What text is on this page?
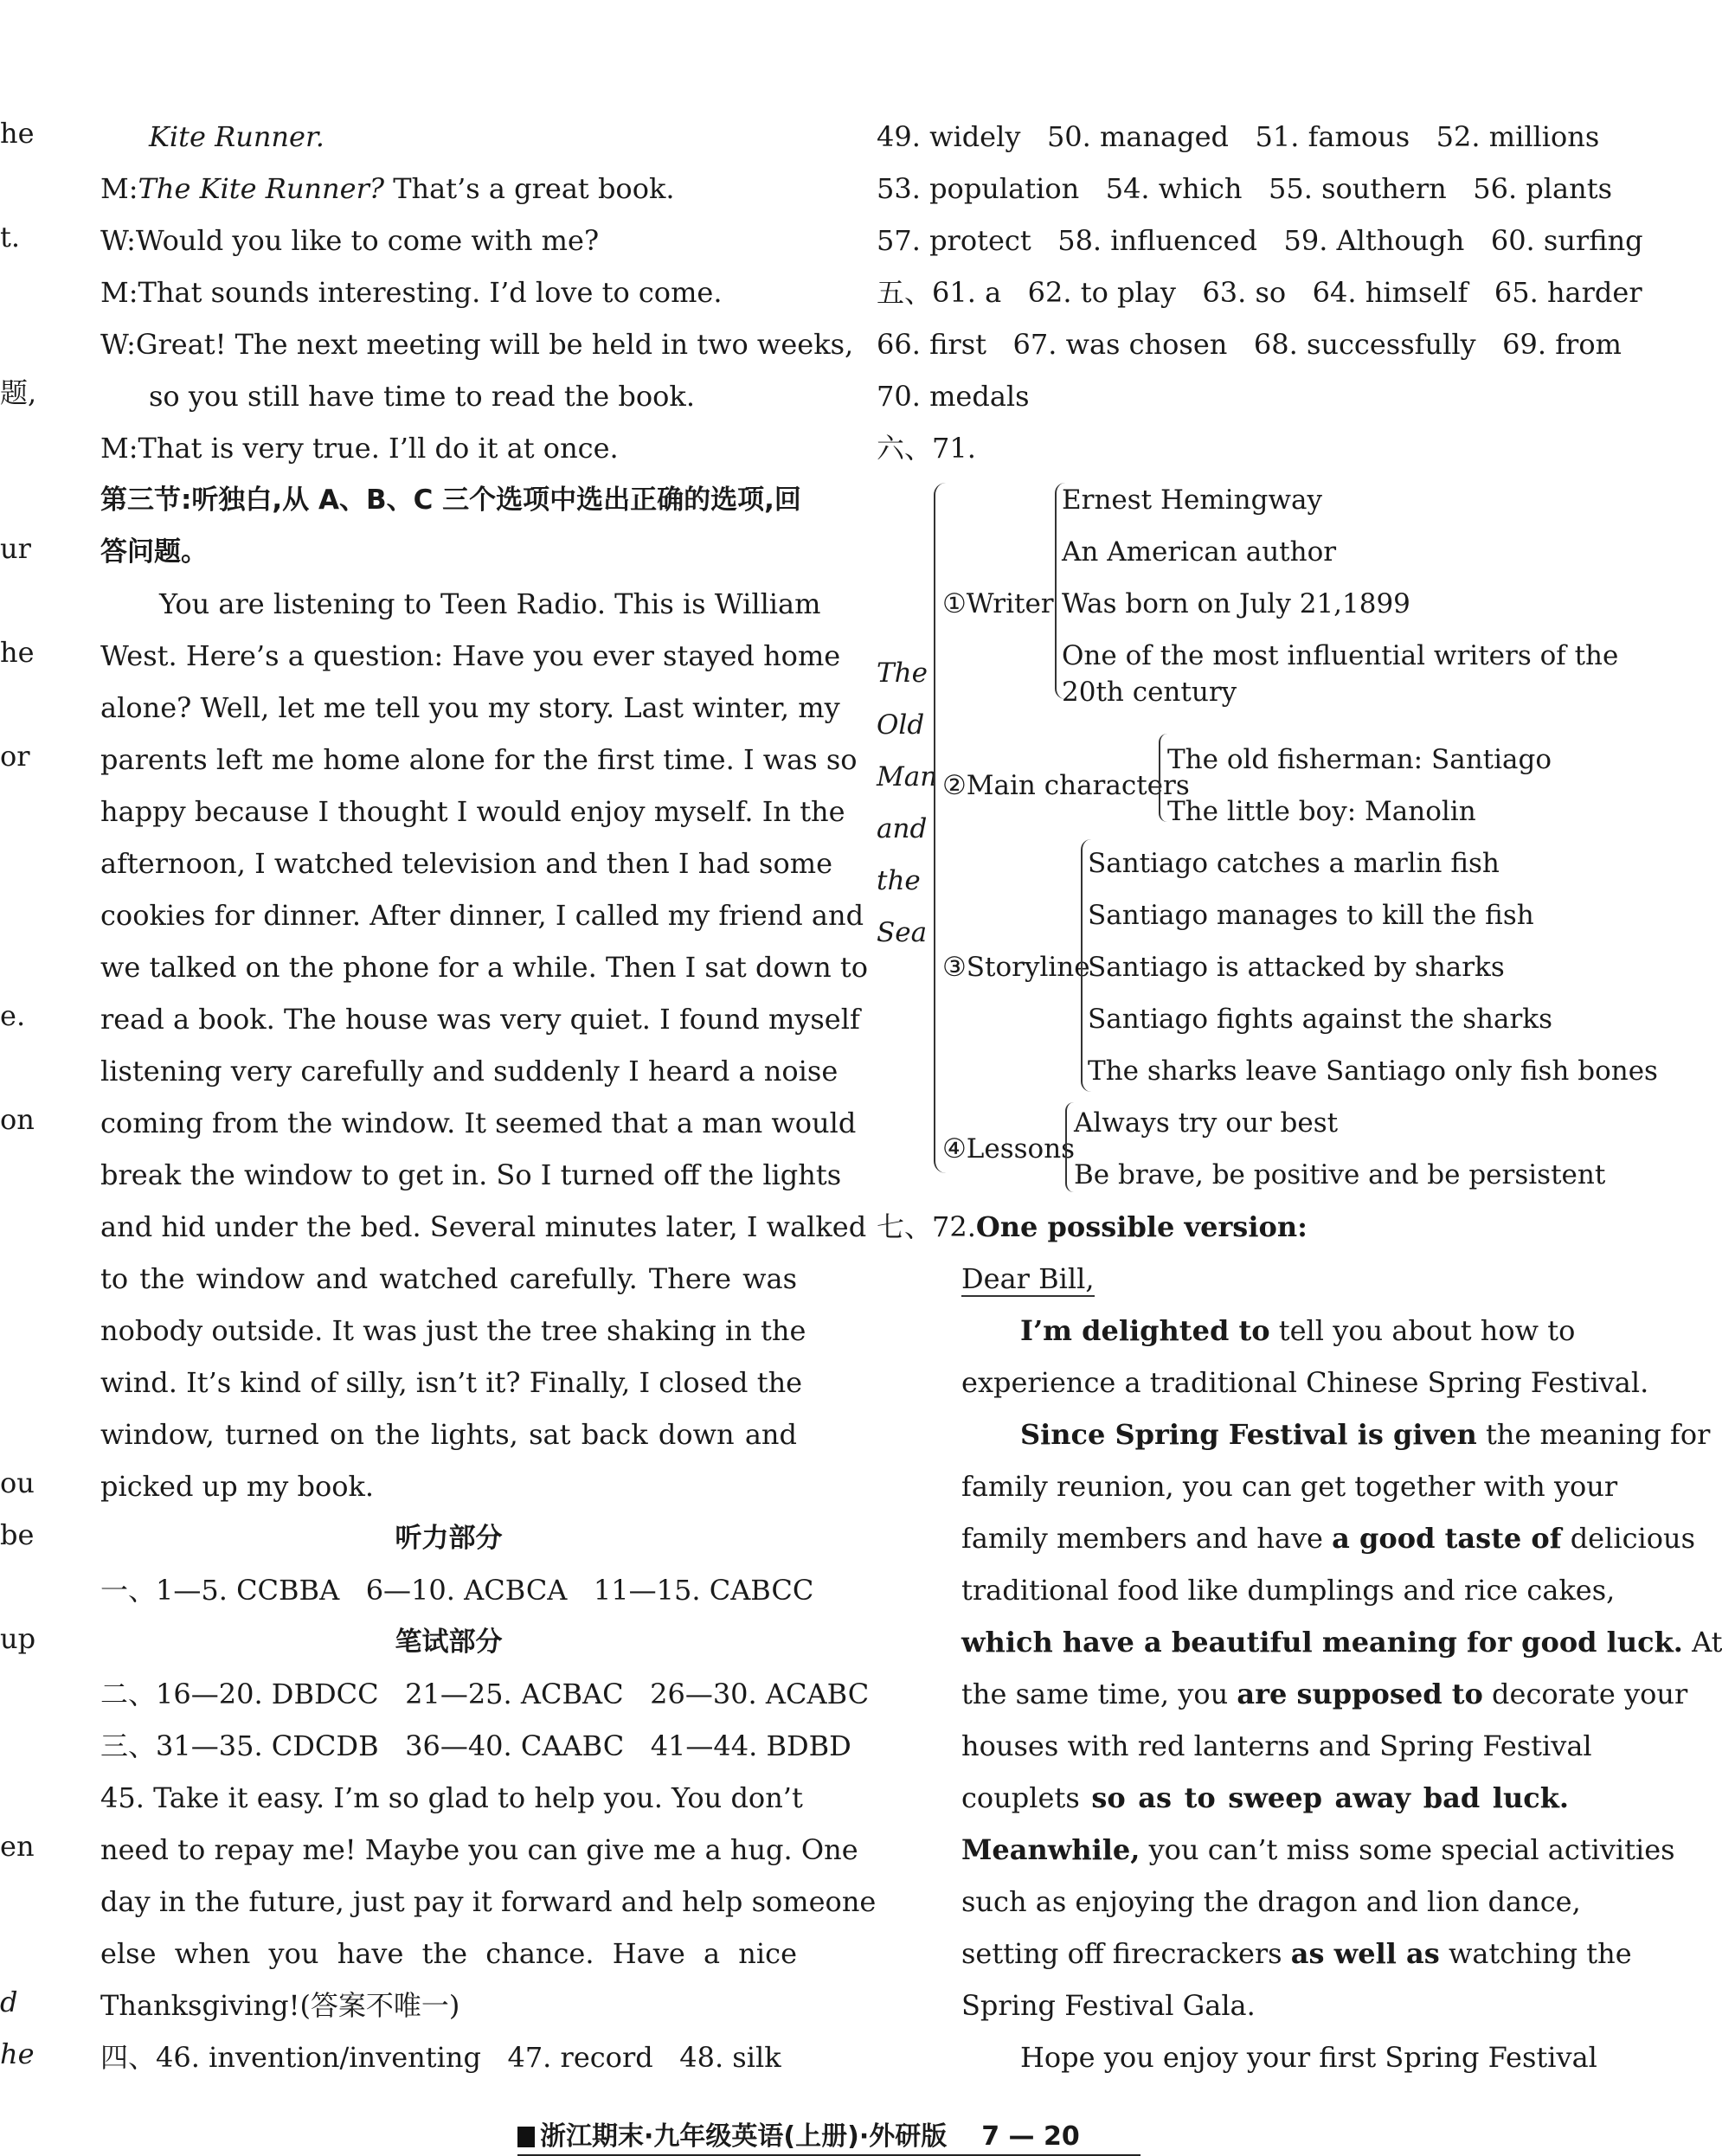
he
t.
题,
ur
he
or
e.
on
ou
be
up
en
d
he
Kite Runner.
M:The Kite Runner? That’s a great book.
W:Would you like to come with me?
M:That sounds interesting. I’d love to come.
W:Great! The next meeting will be held in two weeks,
so you still have time to read the book.
M:That is very true. I’ll do it at once.
第三节:听独白,从 A、B、C 三个选项中选出正确的选项,回
答问题。
You are listening to Teen Radio. This is William
West. Here’s a question: Have you ever stayed home
alone? Well, let me tell you my story. Last winter, my
parents left me home alone for the first time. I was so
happy because I thought I would enjoy myself. In the
afternoon, I watched television and then I had some
cookies for dinner. After dinner, I called my friend and
we talked on the phone for a while. Then I sat down to
read a book. The house was very quiet. I found myself
listening very carefully and suddenly I heard a noise
coming from the window. It seemed that a man would
break the window to get in. So I turned off the lights
and hid under the bed. Several minutes later, I walked
to the window and watched carefully. There was
nobody outside. It was just the tree shaking in the
wind. It’s kind of silly, isn’t it? Finally, I closed the
window, turned on the lights, sat back down and
picked up my book.
听力部分
一、1—5. CCBBA   6—10. ACBCA   11—15. CABCC
笔试部分
二、16—20. DBDCC   21—25. ACBAC   26—30. ACABC
三、31—35. CDCDB   36—40. CAABC   41—44. BDBD
45. Take it easy. I’m so glad to help you. You don’t
need to repay me! Maybe you can give me a hug. One
day in the future, just pay it forward and help someone
else when you have the chance. Have a nice
Thanksgiving!(答案不唯一)
四、46. invention/inventing   47. record   48. silk
49. widely   50. managed   51. famous   52. millions
53. population   54. which   55. southern   56. plants
57. protect   58. influenced   59. Although   60. surfing
五、61. a   62. to play   63. so   64. himself   65. harder
66. first   67. was chosen   68. successfully   69. from
70. medals
六、71.
The
Old
Man
and
the
Sea
①Writer
Ernest Hemingway
An American author
Was born on July 21,1899
One of the most influential writers of the
20th century
②Main characters
The old fisherman: Santiago
The little boy: Manolin
③Storyline
Santiago catches a marlin fish
Santiago manages to kill the fish
Santiago is attacked by sharks
Santiago fights against the sharks
The sharks leave Santiago only fish bones
④Lessons
Always try our best
Be brave, be positive and be persistent
七、72.One possible version:
Dear Bill,
I’m delighted to tell you about how to
experience a traditional Chinese Spring Festival.
Since Spring Festival is given the meaning for
family reunion, you can get together with your
family members and have a good taste of delicious
traditional food like dumplings and rice cakes,
which have a beautiful meaning for good luck. At
the same time, you are supposed to decorate your
houses with red lanterns and Spring Festival
couplets so as to sweep away bad luck.
Meanwhile, you can’t miss some special activities
such as enjoying the dragon and lion dance,
setting off firecrackers as well as watching the
Spring Festival Gala.
Hope you enjoy your first Spring Festival
浙江期末·九年级英语(上册)·外研版 7 — 20
